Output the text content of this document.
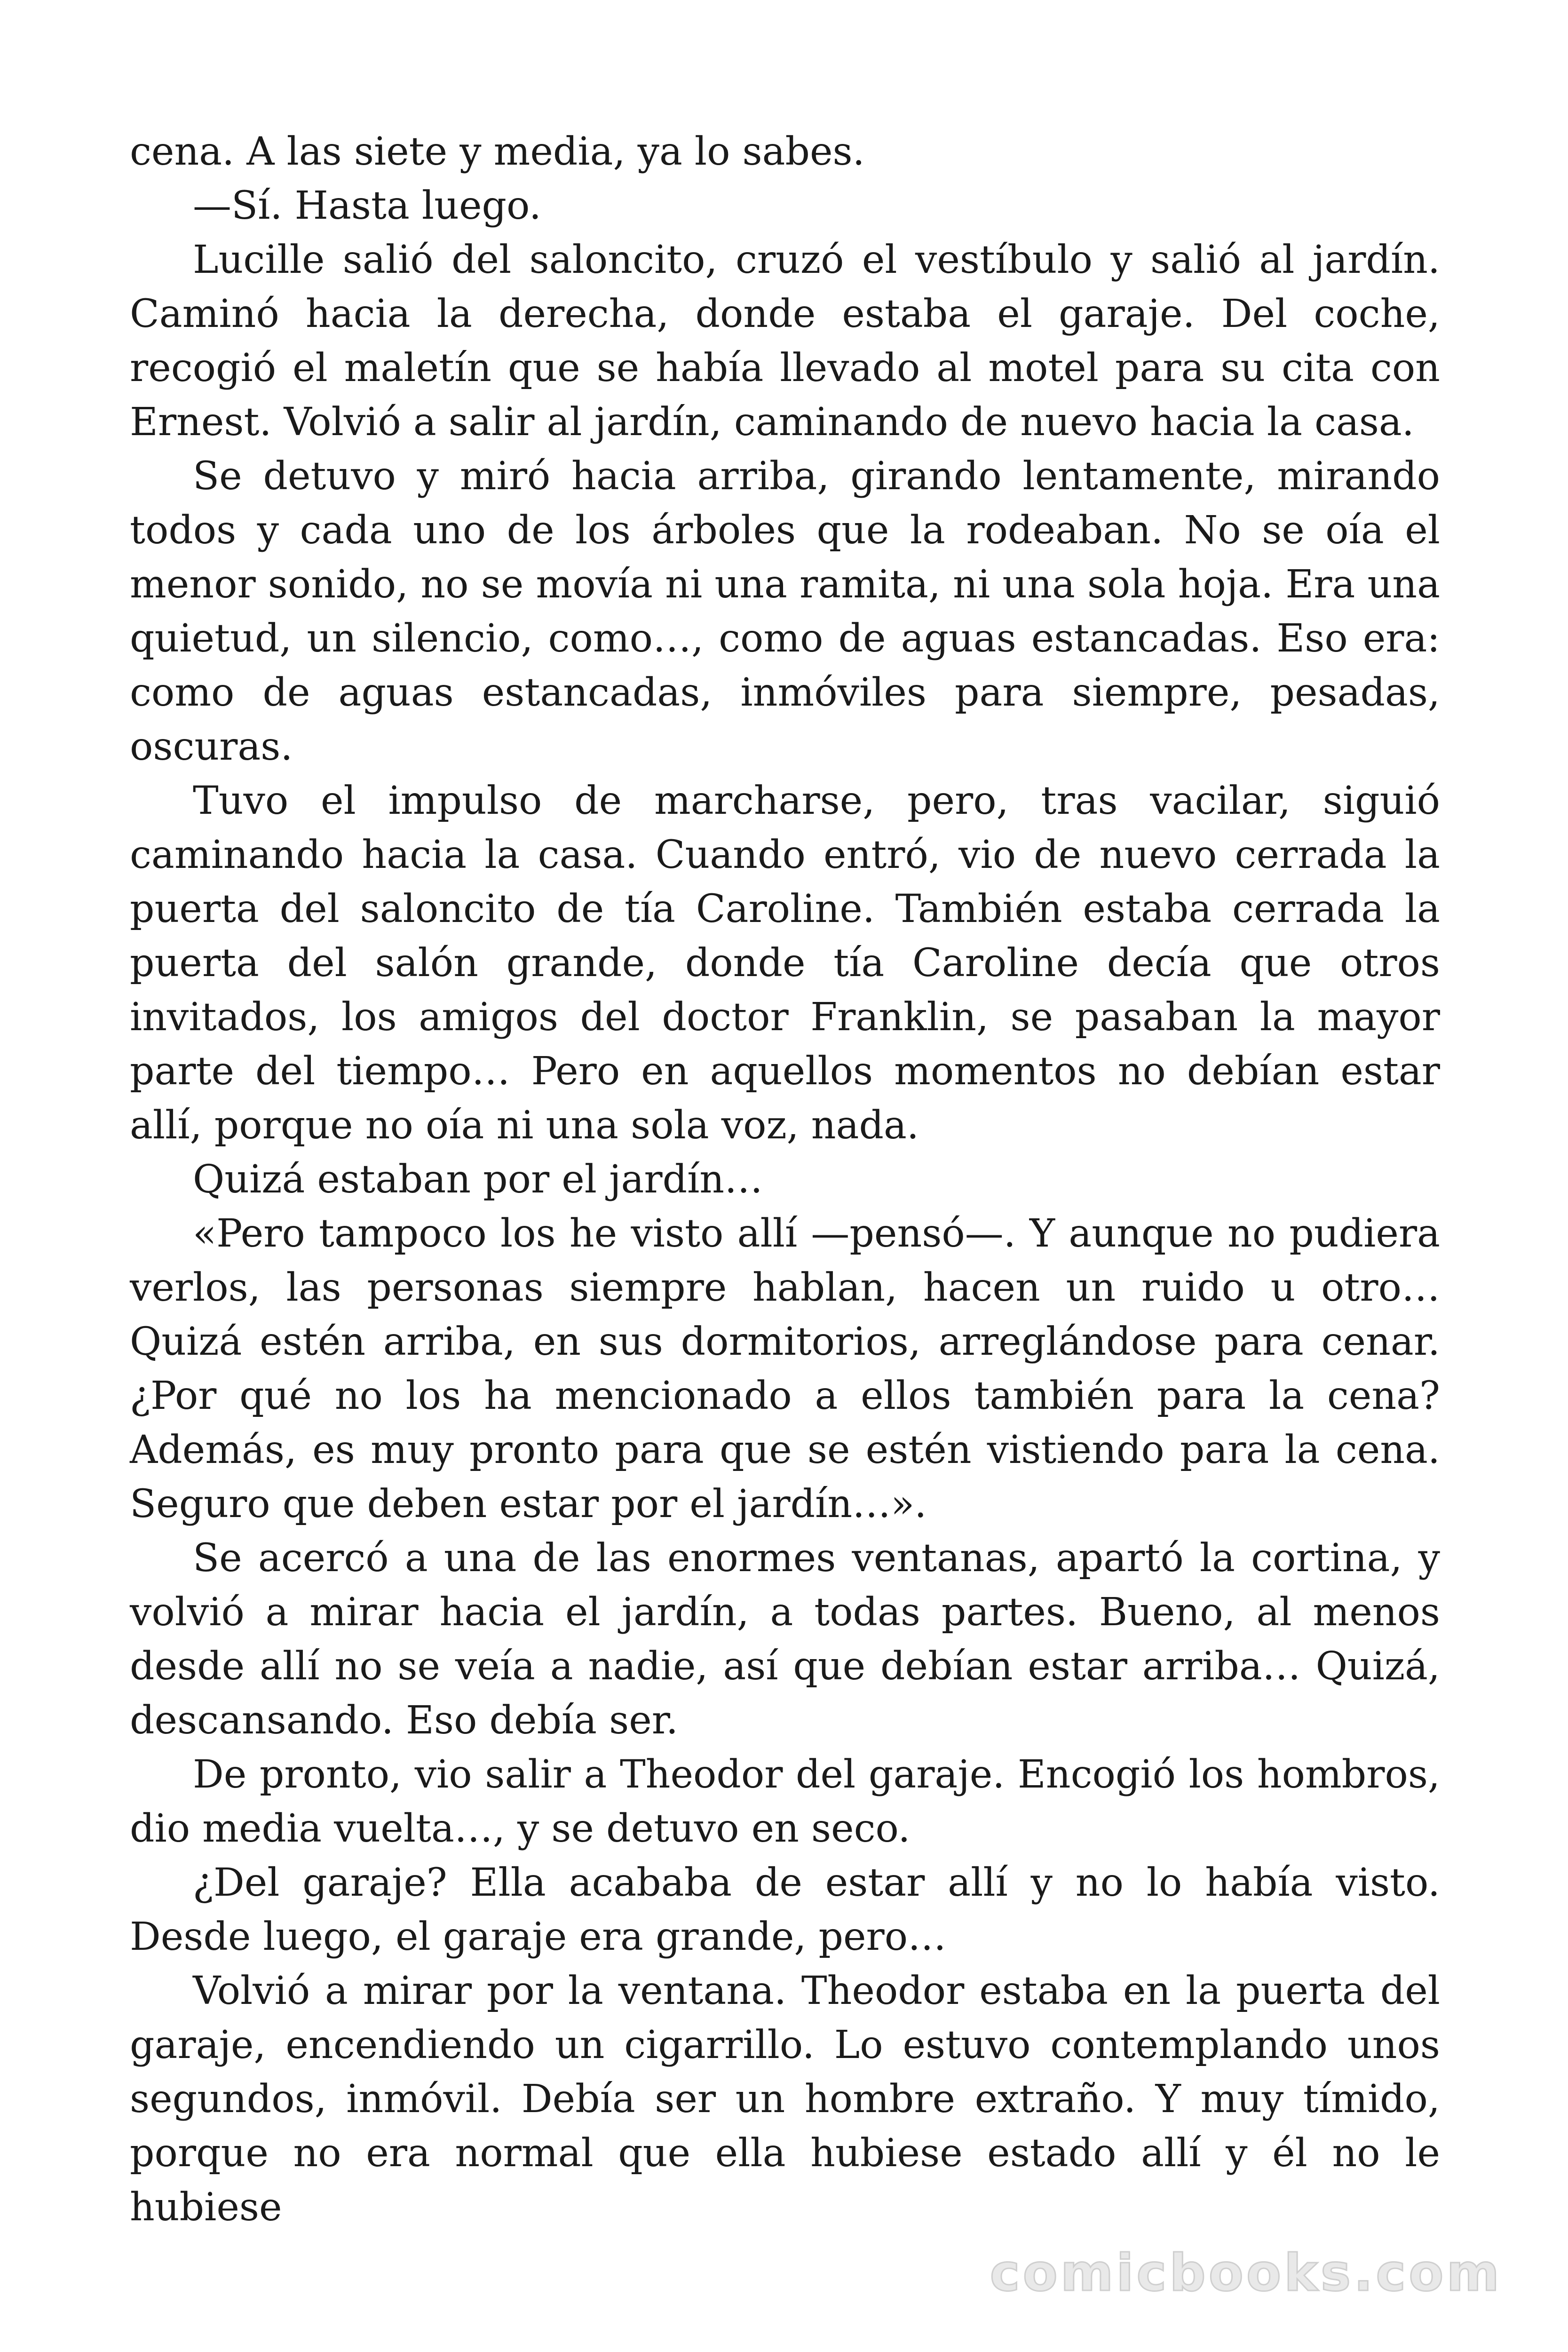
cena. A las siete y media, ya lo sabes.

—Sí. Hasta luego.

Lucille salió del saloncito, cruzó el vestíbulo y salió al jardín. Caminó hacia la derecha, donde estaba el garaje. Del coche, recogió el maletín que se había llevado al motel para su cita con Ernest. Volvió a salir al jardín, caminando de nuevo hacia la casa.

Se detuvo y miró hacia arriba, girando lentamente, mirando todos y cada uno de los árboles que la rodeaban. No se oía el menor sonido, no se movía ni una ramita, ni una sola hoja. Era una quietud, un silencio, como…, como de aguas estancadas. Eso era: como de aguas estancadas, inmóviles para siempre, pesadas, oscuras.

Tuvo el impulso de marcharse, pero, tras vacilar, siguió caminando hacia la casa. Cuando entró, vio de nuevo cerrada la puerta del saloncito de tía Caroline. También estaba cerrada la puerta del salón grande, donde tía Caroline decía que otros invitados, los amigos del doctor Franklin, se pasaban la mayor parte del tiempo… Pero en aquellos momentos no debían estar allí, porque no oía ni una sola voz, nada.

Quizá estaban por el jardín…

«Pero tampoco los he visto allí —pensó—. Y aunque no pudiera verlos, las personas siempre hablan, hacen un ruido u otro… Quizá estén arriba, en sus dormitorios, arreglándose para cenar. ¿Por qué no los ha mencionado a ellos también para la cena? Además, es muy pronto para que se estén vistiendo para la cena. Seguro que deben estar por el jardín…».

Se acercó a una de las enormes ventanas, apartó la cortina, y volvió a mirar hacia el jardín, a todas partes. Bueno, al menos desde allí no se veía a nadie, así que debían estar arriba… Quizá, descansando. Eso debía ser.

De pronto, vio salir a Theodor del garaje. Encogió los hombros, dio media vuelta…, y se detuvo en seco.

¿Del garaje? Ella acababa de estar allí y no lo había visto. Desde luego, el garaje era grande, pero…

Volvió a mirar por la ventana. Theodor estaba en la puerta del garaje, encendiendo un cigarrillo. Lo estuvo contemplando unos segundos, inmóvil. Debía ser un hombre extraño. Y muy tímido, porque no era normal que ella hubiese estado allí y él no le hubiese

comicbooks.com
